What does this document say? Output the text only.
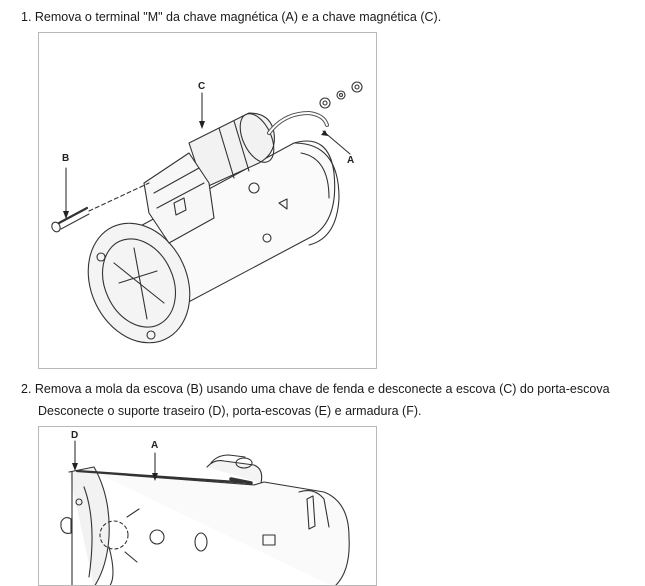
1. Remova o terminal "M" da chave magnética (A) e a chave magnética (C).
B
C
A
2. Remova a mola da escova (B) usando uma chave de fenda e desconecte a escova (C) do porta-escova
Desconecte o suporte traseiro (D), porta-escovas (E) e armadura (F).
D
A
